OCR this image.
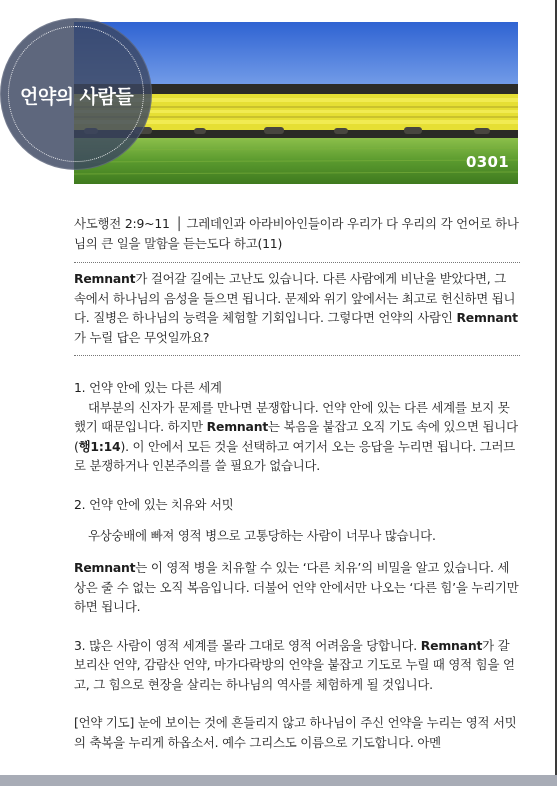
언약의 사람들
0301

사도행전 2:9~11 │ 그레데인과 아라비아인들이라 우리가 다 우리의 각 언어로 하나님의 큰 일을 말함을 듣는도다 하고(11)

Remnant가 걸어갈 길에는 고난도 있습니다. 다른 사람에게 비난을 받았다면, 그 속에서 하나님의 음성을 들으면 됩니다. 문제와 위기 앞에서는 최고로 헌신하면 됩니다. 질병은 하나님의 능력을 체험할 기회입니다. 그렇다면 언약의 사람인 Remnant가 누릴 답은 무엇일까요?

1. 언약 안에 있는 다른 세계

대부분의 신자가 문제를 만나면 분쟁합니다. 언약 안에 있는 다른 세계를 보지 못했기 때문입니다. 하지만 Remnant는 복음을 붙잡고 오직 기도 속에 있으면 됩니다(행1:14). 이 안에서 모든 것을 선택하고 여기서 오는 응답을 누리면 됩니다. 그러므로 분쟁하거나 인본주의를 쓸 필요가 없습니다.

2. 언약 안에 있는 치유와 서밋

우상숭배에 빠져 영적 병으로 고통당하는 사람이 너무나 많습니다.

Remnant는 이 영적 병을 치유할 수 있는 ‘다른 치유’의 비밀을 알고 있습니다. 세상은 줄 수 없는 오직 복음입니다. 더불어 언약 안에서만 나오는 ‘다른 힘’을 누리기만 하면 됩니다.

3. 많은 사람이 영적 세계를 몰라 그대로 영적 어려움을 당합니다. Remnant가 갈보리산 언약, 감람산 언약, 마가다락방의 언약을 붙잡고 기도로 누릴 때 영적 힘을 얻고, 그 힘으로 현장을 살리는 하나님의 역사를 체험하게 될 것입니다.

[언약 기도] 눈에 보이는 것에 흔들리지 않고 하나님이 주신 언약을 누리는 영적 서밋의 축복을 누리게 하옵소서. 예수 그리스도 이름으로 기도합니다. 아멘
